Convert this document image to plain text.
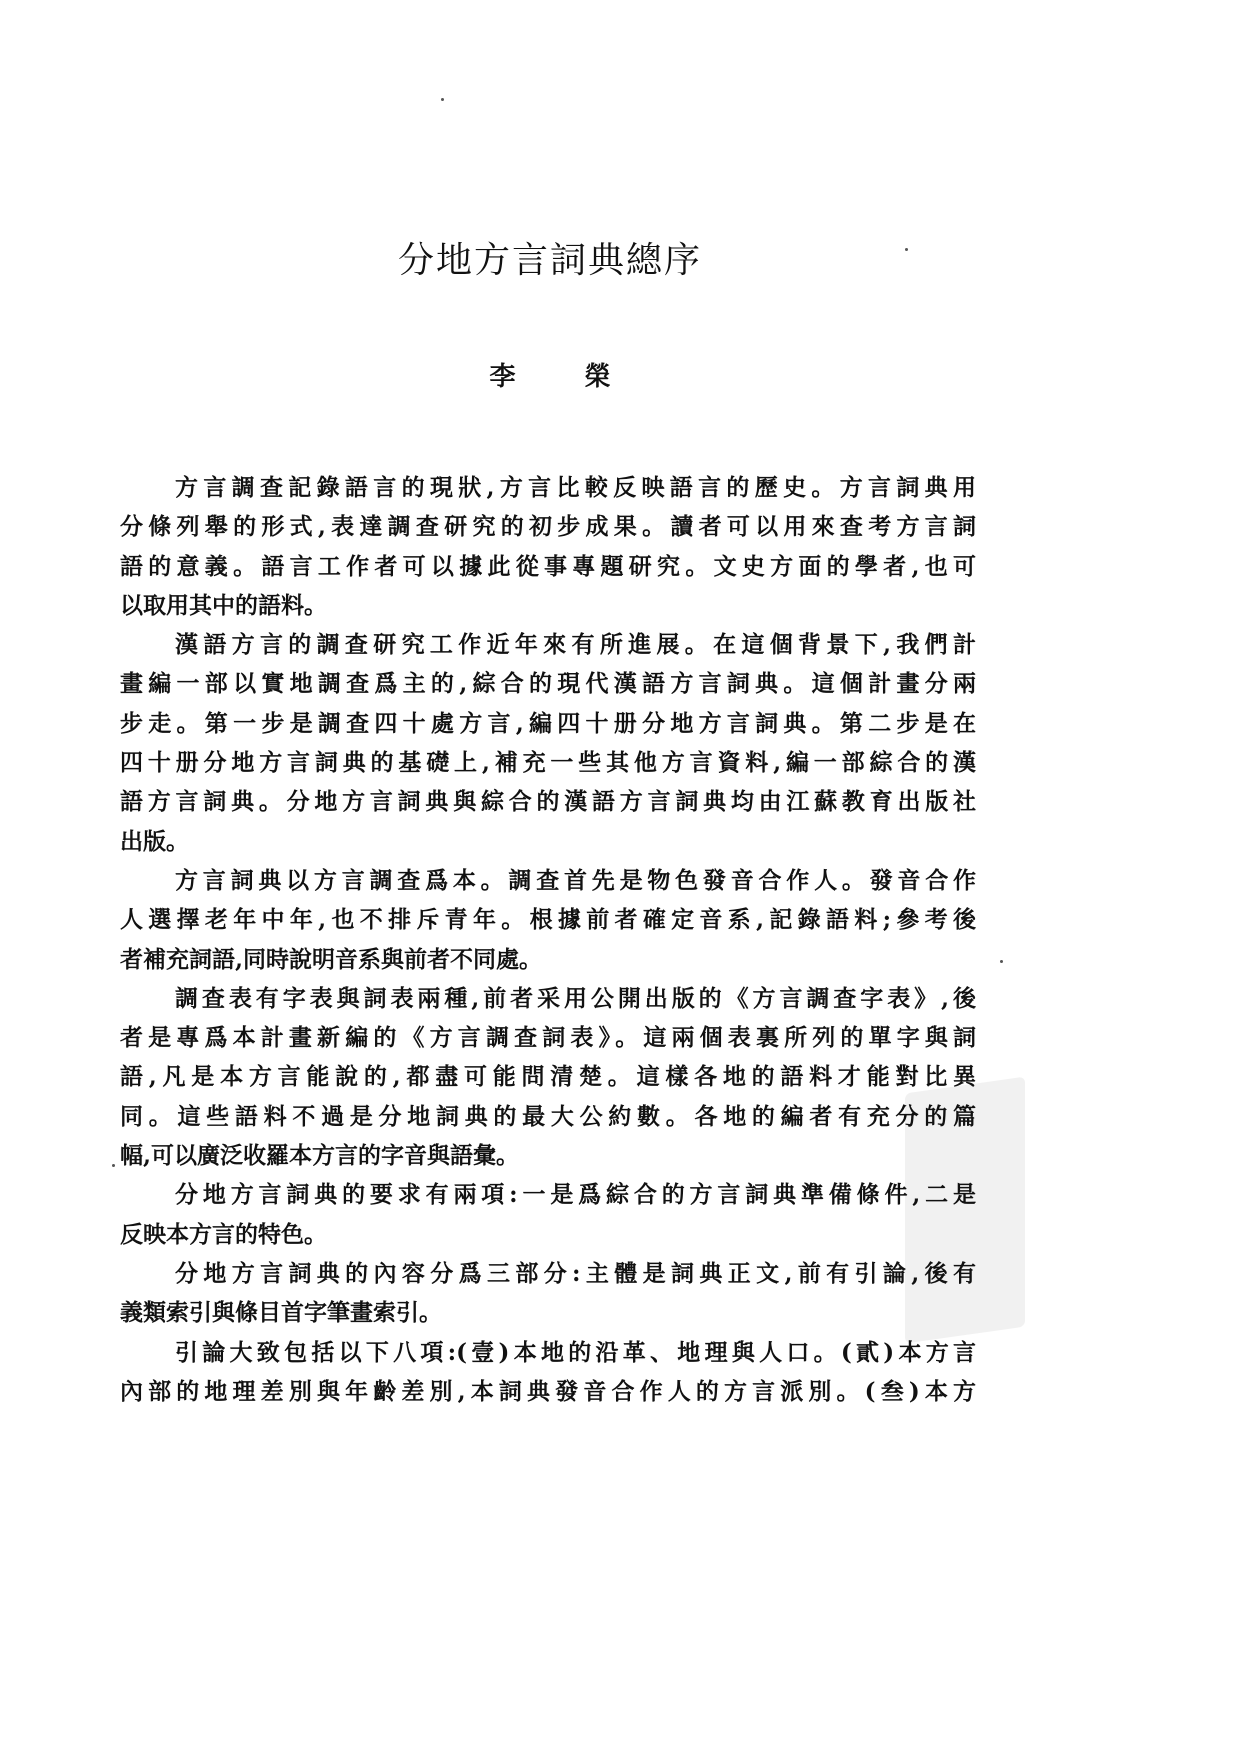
分地方言詞典總序
李 榮
方言調查記錄語言的現狀,方言比較反映語言的歷史。方言詞典用
分條列舉的形式,表達調查研究的初步成果。讀者可以用來查考方言詞
語的意義。語言工作者可以據此從事專題研究。文史方面的學者,也可
以取用其中的語料。
漢語方言的調查研究工作近年來有所進展。在這個背景下,我們計
畫編一部以實地調查爲主的,綜合的現代漢語方言詞典。這個計畫分兩
步走。第一步是調查四十處方言,編四十册分地方言詞典。第二步是在
四十册分地方言詞典的基礎上,補充一些其他方言資料,編一部綜合的漢
語方言詞典。分地方言詞典與綜合的漢語方言詞典均由江蘇教育出版社
出版。
方言詞典以方言調查爲本。調查首先是物色發音合作人。發音合作
人選擇老年中年,也不排斥青年。根據前者確定音系,記錄語料;參考後
者補充詞語,同時說明音系與前者不同處。
調查表有字表與詞表兩種,前者采用公開出版的《方言調查字表》,後
者是專爲本計畫新編的《方言調查詞表》。這兩個表裏所列的單字與詞
語,凡是本方言能說的,都盡可能問清楚。這樣各地的語料才能對比異
同。這些語料不過是分地詞典的最大公約數。各地的編者有充分的篇
幅,可以廣泛收羅本方言的字音與語彙。
分地方言詞典的要求有兩項:一是爲綜合的方言詞典準備條件,二是
反映本方言的特色。
分地方言詞典的內容分爲三部分:主體是詞典正文,前有引論,後有
義類索引與條目首字筆畫索引。
引論大致包括以下八項:(壹)本地的沿革、地理與人口。(貳)本方言
內部的地理差別與年齡差別,本詞典發音合作人的方言派別。(叁)本方
